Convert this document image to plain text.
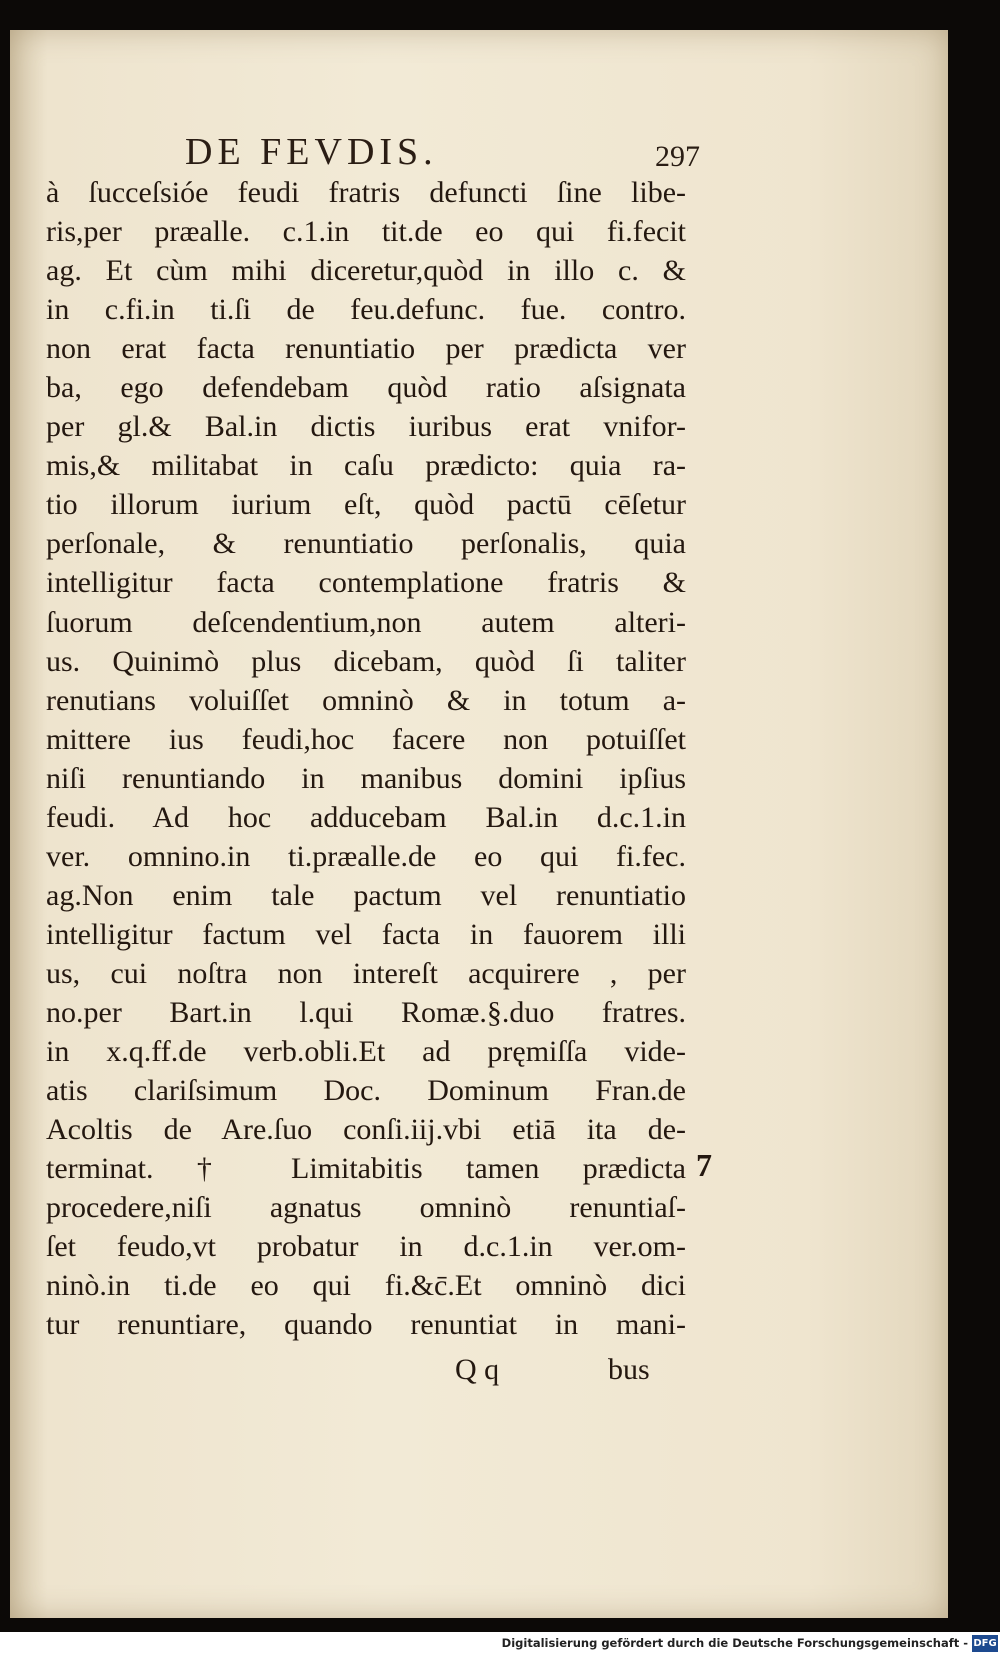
DE FEVDIS.	297
à ſucceſsióe feudi fratris defuncti ſine libe-
ris,per præalle. c.1.in tit.de eo qui fi.fecit
ag. Et cùm mihi diceretur,quòd in illo c. &
in c.fi.in ti.ſi de feu.defunc. fue. contro.
non erat facta renuntiatio per prædicta ver
ba, ego defendebam quòd ratio aſsignata
per gl.& Bal.in dictis iuribus erat vnifor-
mis,& militabat in caſu prædicto: quia ra-
tio illorum iurium eſt, quòd pactū cēſetur
perſonale, & renuntiatio perſonalis, quia
intelligitur facta contemplatione fratris &
ſuorum deſcendentium,non autem alteri-
us. Quinimò plus dicebam, quòd ſi taliter
renutians voluiſſet omninò & in totum a-
mittere ius feudi,hoc facere non potuiſſet
niſi renuntiando in manibus domini ipſius
feudi. Ad hoc adducebam Bal.in d.c.1.in
ver. omnino.in ti.præalle.de eo qui fi.fec.
ag.Non enim tale pactum vel renuntiatio
intelligitur factum vel facta in fauorem illi
us, cui noſtra non intereſt acquirere , per
no.per Bart.in l.qui Romæ.§.duo fratres.
in x.q.ff.de verb.obli.Et ad pręmiſſa vide-
atis clariſsimum Doc. Dominum Fran.de
Acoltis de Are.ſuo conſi.iij.vbi etiā ita de-
terminat. † Limitabitis tamen prædicta
procedere,niſi agnatus omninò renuntiaſ-
ſet feudo,vt probatur in d.c.1.in ver.om-
ninò.in ti.de eo qui fi.&c̄.Et omninò dici
tur renuntiare, quando renuntiat in mani-
7
Q q	bus
Digitalisierung gefördert durch die Deutsche Forschungsgemeinschaft - DFG
